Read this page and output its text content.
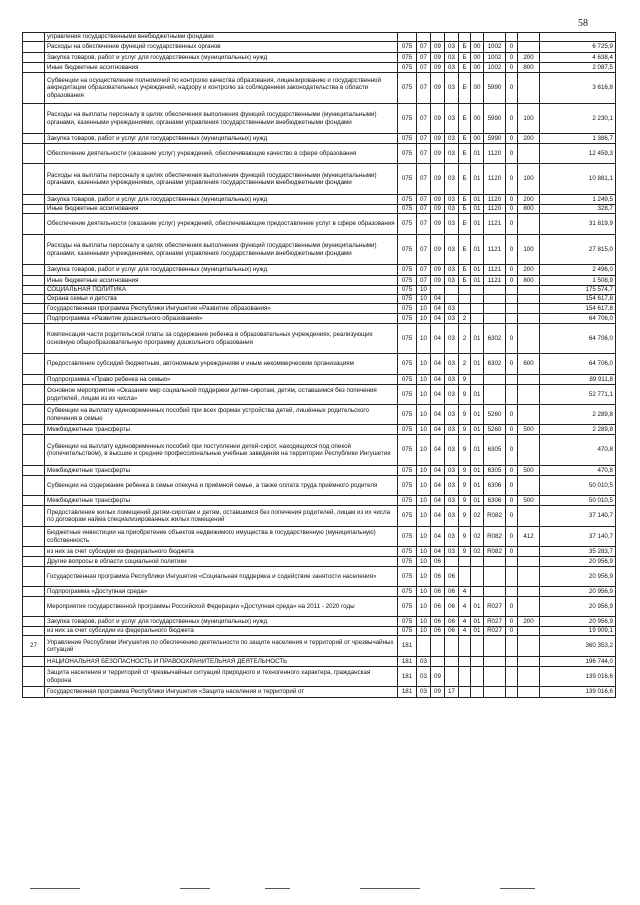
58
	управления государственными внебюджетными фондами										
	Расходы на обеспечение функций государственных органов	075	07	09	03	Б	00	1002	0		6 725,9
	Закупка товаров, работ и услуг для государственных (муниципальных) нужд	075	07	09	03	Б	00	1002	0	200	4 638,4
	Иные бюджетные ассигнования	075	07	09	03	Б	00	1002	0	800	2 087,5
	Субвенции на осуществление полномочий по контролю качества образования, лицензированию и государственной аккредитации образовательных учреждений, надзору и контролю за соблюдением законодательства в области образования	075	07	09	03	Б	00	5990	0		3 616,8
	Расходы на выплаты персоналу в целях обеспечения выполнения функций государственными (муниципальными) органами, казенными учреждениями, органами управления государственными внебюджетными фондами	075	07	09	03	Б	00	5990	0	100	2 230,1
	Закупка товаров, работ и услуг для государственных (муниципальных) нужд	075	07	09	03	Б	00	5990	0	200	1 386,7
	Обеспечение деятельности (оказание услуг) учреждений, обеспечивающие качество в сфере образования	075	07	09	03	Б	01	1120	0		12 459,3
	Расходы на выплаты персоналу в целях обеспечения выполнения функций государственными (муниципальными) органами, казенными учреждениями, органами управления государственными внебюджетными фондами	075	07	09	03	Б	01	1120	0	100	10 881,1
	Закупка товаров, работ и услуг для государственных (муниципальных) нужд	075	07	09	03	Б	01	1120	0	200	1 249,5
	Иные бюджетные ассигнования	075	07	09	03	Б	01	1120	0	800	328,7
	Обеспечение деятельности (оказание услуг) учреждений, обеспечивающие предоставление услуг в сфере образования	075	07	09	03	Б	01	1121	0		31 819,9
	Расходы на выплаты персоналу в целях обеспечения выполнения функций государственными (муниципальными) органами, казенными учреждениями, органами управления государственными внебюджетными фондами	075	07	09	03	Б	01	1121	0	100	27 815,0
	Закупка товаров, работ и услуг для государственных (муниципальных) нужд	075	07	09	03	Б	01	1121	0	200	2 496,0
	Иные бюджетные ассигнования	075	07	09	03	Б	01	1121	0	800	1 508,9
	СОЦИАЛЬНАЯ ПОЛИТИКА	075	10								175 574,7
	Охрана семьи и детства	075	10	04							154 617,8
	Государственная программа Республики Ингушетия «Развитие образования»	075	10	04	03						154 617,8
	Подпрограмма «Развитие дошкольного образования»	075	10	04	03	2					64 706,0
	Компенсация части родительской платы за содержание ребенка в образовательных учреждениях, реализующих основную общеобразовательную программу дошкольного образования	075	10	04	03	2	01	6302	0		64 706,0
	Предоставление субсидий бюджетным, автономным учреждениям и иным некоммерческим организациям	075	10	04	03	2	01	6302	0	600	64 706,0
	Подпрограмма «Право ребенка на семью»	075	10	04	03	9					89 911,8
	Основное мероприятие «Оказание мер социальной поддержки детям-сиротам, детям, оставшимся без попечения родителей, лицам из их числа»	075	10	04	03	9	01				52 771,1
	Субвенции на выплату единовременных пособий при всех формах устройства детей, лишённых родительского попечения в семью	075	10	04	03	9	01	5260	0		2 289,8
	Межбюджетные трансферты	075	10	04	03	9	01	5260	0	500	2 289,8
	Субвенции на выплату единовременных пособий при поступлении детей-сирот, находящихся под опекой (попечительством), в высшие и средние профессиональные учебные заведения на территории Республики Ингушетия	075	10	04	03	9	01	6305	0		470,8
	Межбюджетные трансферты	075	10	04	03	9	01	6305	0	500	470,8
	Субвенции на содержание ребенка в семье опекуна и приёмной семье, а также оплата труда приёмного родителя	075	10	04	03	9	01	6306	0		50 010,5
	Межбюджетные трансферты	075	10	04	03	9	01	6306	0	500	50 010,5
	Предоставление жилых помещений детям-сиротам и детям, оставшимся без попечения родителей, лицам из их числа по договорам найма специализированных жилых помещений	075	10	04	03	9	02	R082	0		37 140,7
	Бюджетные инвестиции на приобретение объектов недвижимого имущества в государственную (муниципальную) собственность	075	10	04	03	9	02	R082	0	412	37 140,7
	из них за счет субсидии из федерального бюджета	075	10	04	03	9	02	R082	0		35 283,7
	Другие вопросы в области социальной политики	075	10	06							20 956,9
	Государственная программа Республики Ингушетия «Социальная поддержка и содействие занятости населения»	075	10	06	06						20 956,9
	Подпрограмма «Доступная среда»	075	10	06	06	4					20 956,9
	Мероприятия государственной программы Российской Федерации «Доступная среда» на 2011 - 2020 годы	075	10	06	06	4	01	R027	0		20 956,9
	Закупка товаров, работ и услуг для государственных (муниципальных) нужд	075	10	06	06	4	01	R027	0	200	20 956,9
	из них за счет субсидии из федерального бюджета	075	10	06	06	4	01	R027	0		19 909,1
27	Управление Республики Ингушетия по обеспечению деятельности по защите населения и территорий от чрезвычайных ситуаций	181									360 353,2
	НАЦИОНАЛЬНАЯ БЕЗОПАСНОСТЬ И ПРАВООХРАНИТЕЛЬНАЯ ДЕЯТЕЛЬНОСТЬ	181	03								196 744,0
	Защита населения и территорий от чрезвычайных ситуаций природного и техногенного характера, гражданская оборона	181	03	09							139 016,6
	Государственная программа Республики Ингушетия «Защита населения и территорий от	181	03	09	17						139 016,6
